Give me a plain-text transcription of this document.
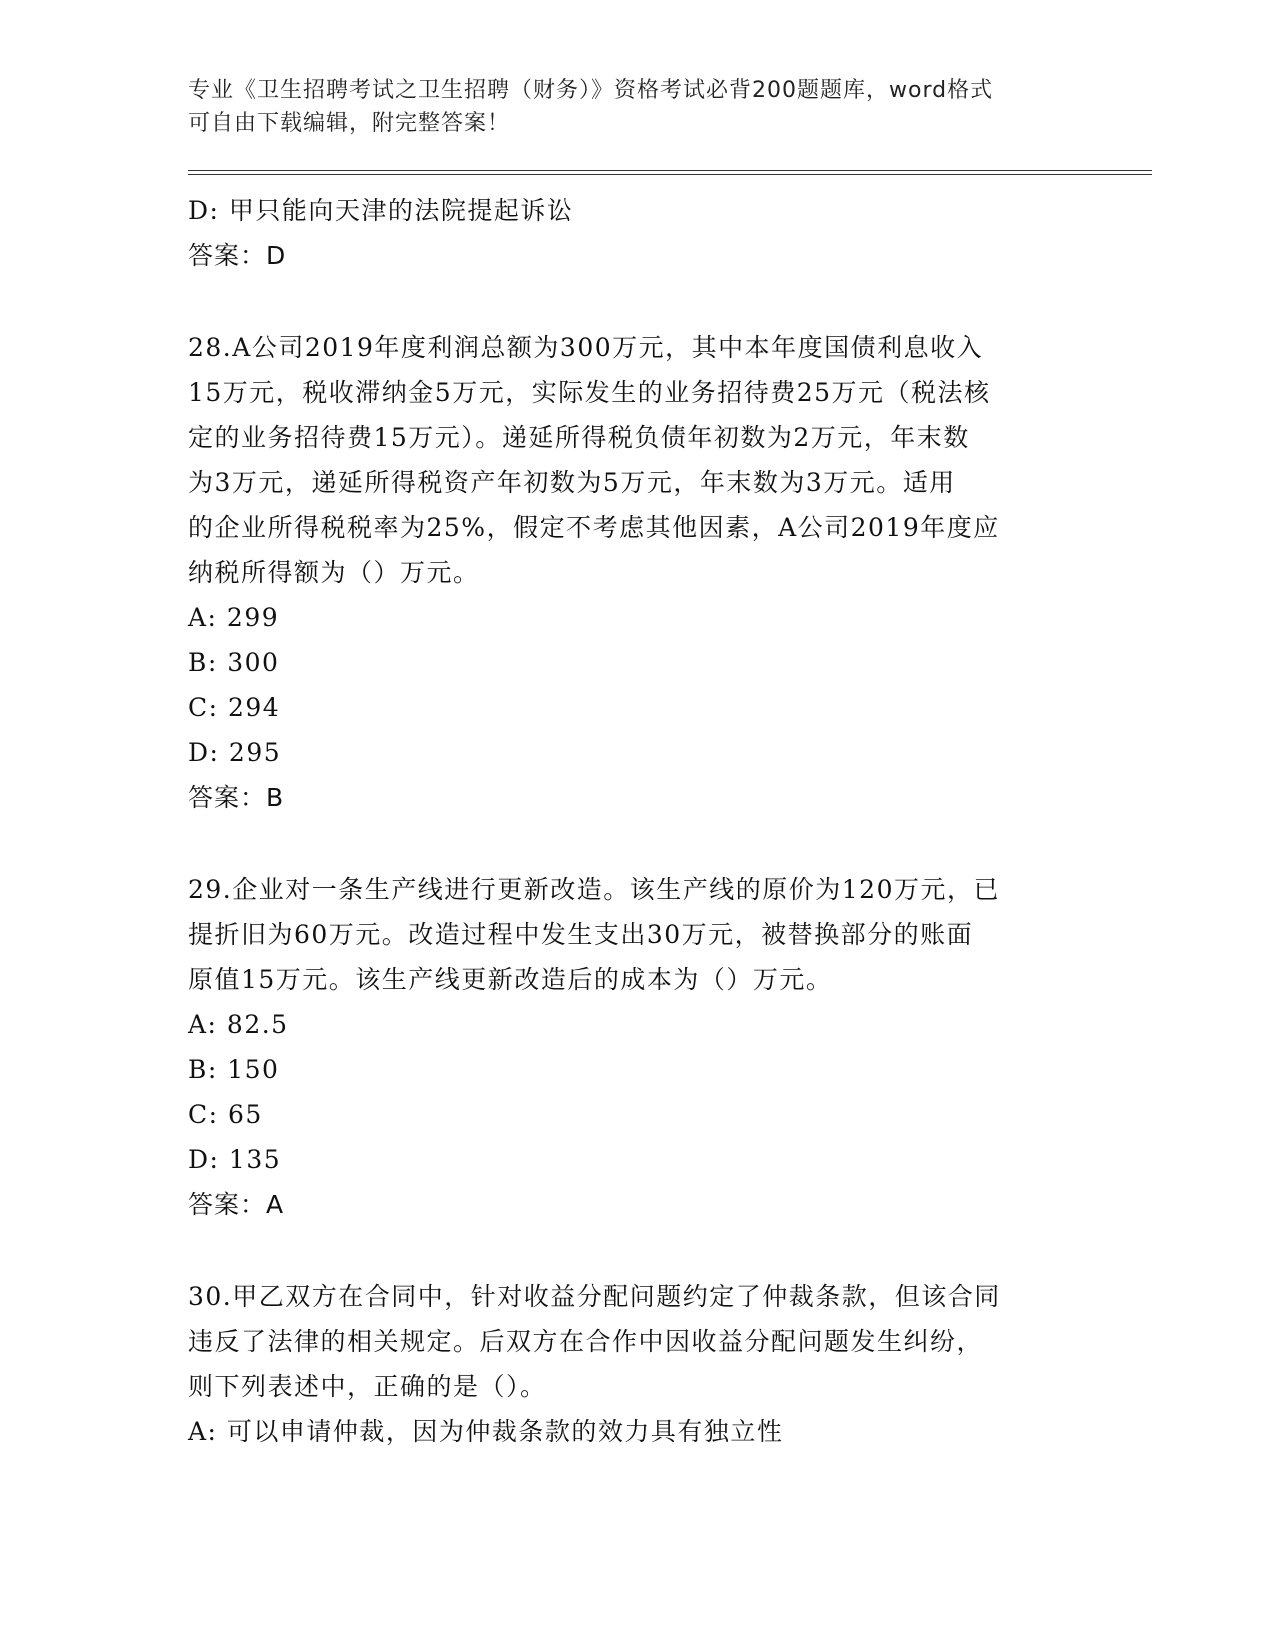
专业《卫生招聘考试之卫生招聘（财务）》资格考试必背200题题库，word格式
可自由下载编辑，附完整答案！
D: 甲只能向天津的法院提起诉讼
答案：D
28.A公司2019年度利润总额为300万元，其中本年度国债利息收入
15万元，税收滞纳金5万元，实际发生的业务招待费25万元（税法核
定的业务招待费15万元）。递延所得税负债年初数为2万元，年末数
为3万元，递延所得税资产年初数为5万元，年末数为3万元。适用
的企业所得税税率为25%，假定不考虑其他因素，A公司2019年度应
纳税所得额为（）万元。
A: 299
B: 300
C: 294
D: 295
答案：B
29.企业对一条生产线进行更新改造。该生产线的原价为120万元，已
提折旧为60万元。改造过程中发生支出30万元，被替换部分的账面
原值15万元。该生产线更新改造后的成本为（）万元。
A: 82.5
B: 150
C: 65
D: 135
答案：A
30.甲乙双方在合同中，针对收益分配问题约定了仲裁条款，但该合同
违反了法律的相关规定。后双方在合作中因收益分配问题发生纠纷，
则下列表述中，正确的是（）。
A: 可以申请仲裁，因为仲裁条款的效力具有独立性
